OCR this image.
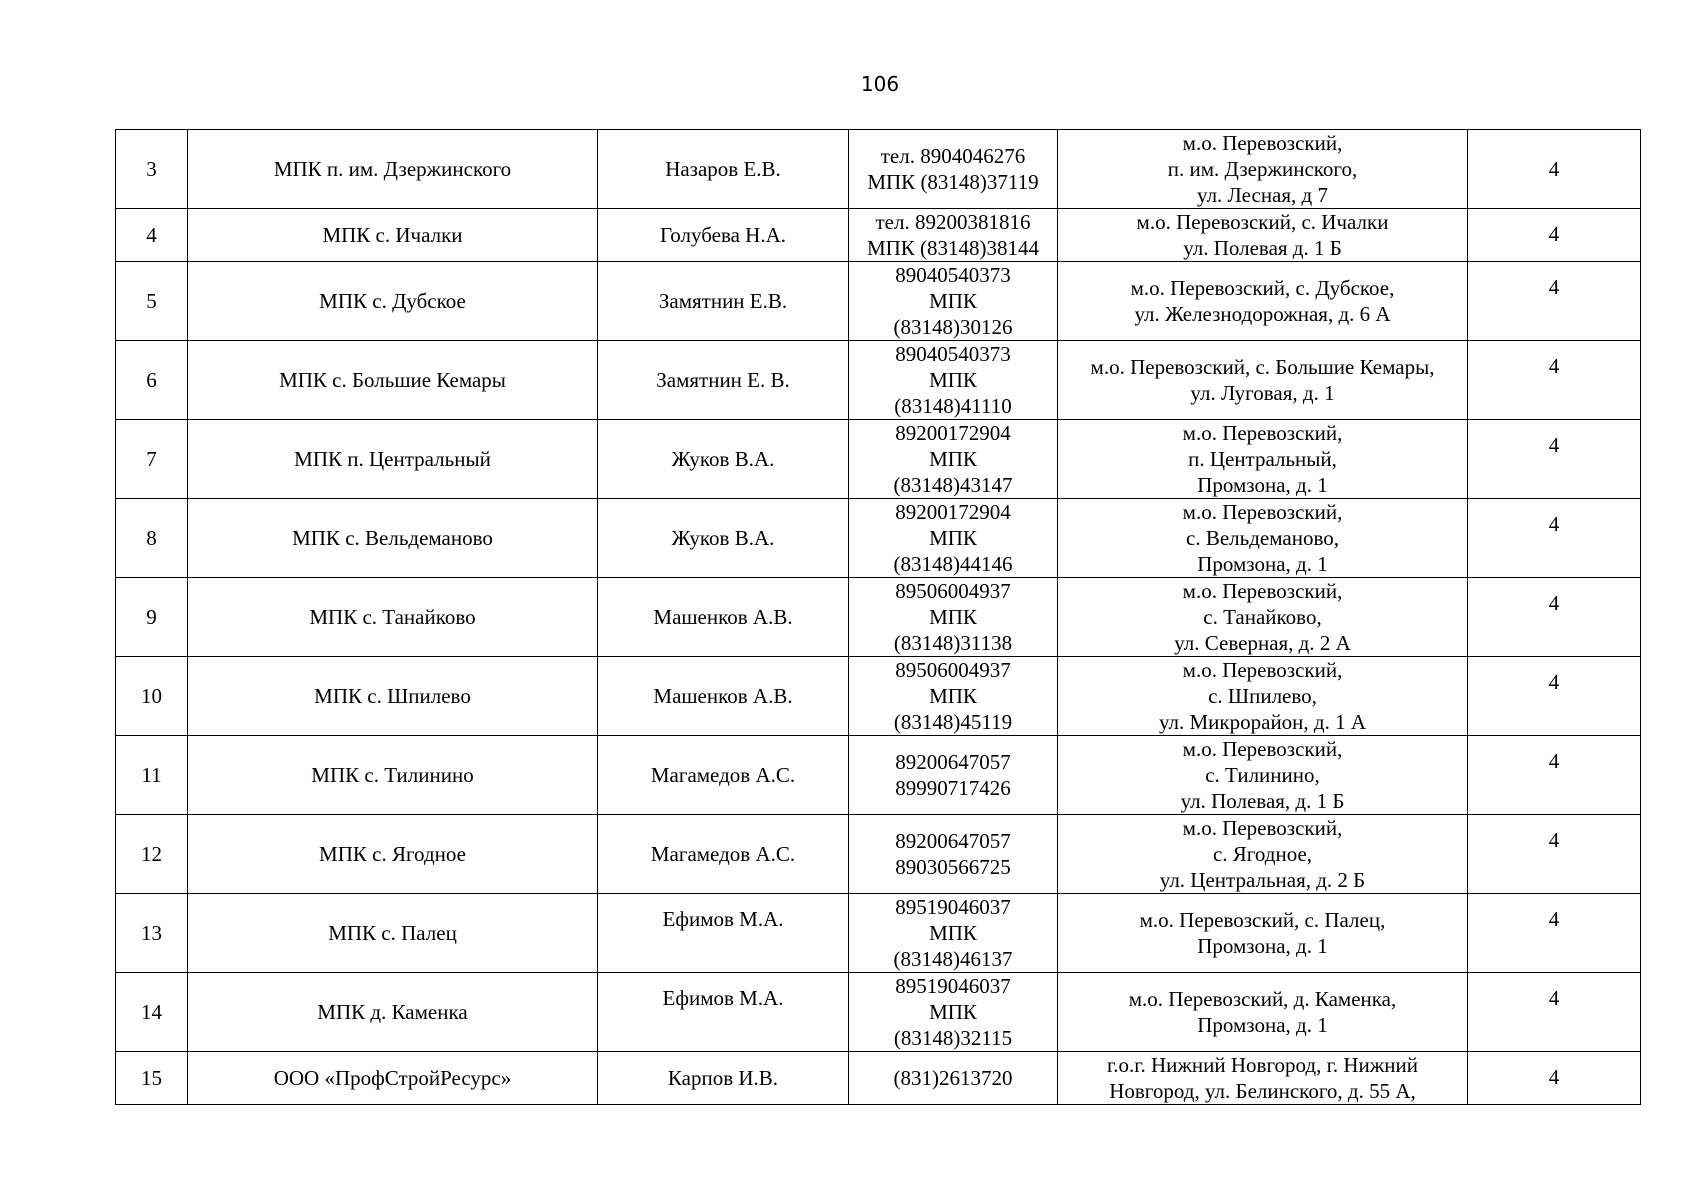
106
3	МПК п. им. Дзержинского	Назаров Е.В.	тел. 8904046276
МПК (83148)37119	м.о. Перевозский,
п. им. Дзержинского,
ул. Лесная, д 7	4
4	МПК с. Ичалки	Голубева Н.А.	тел. 89200381816
МПК (83148)38144	м.о. Перевозский, с. Ичалки
ул. Полевая д. 1 Б	4
5	МПК с. Дубское	Замятнин Е.В.	89040540373
МПК
(83148)30126	м.о. Перевозский, с. Дубское,
ул. Железнодорожная, д. 6 А	4
6	МПК с. Большие Кемары	Замятнин Е. В.	89040540373
МПК
(83148)41110	м.о. Перевозский, с. Большие Кемары,
ул. Луговая, д. 1	4
7	МПК п. Центральный	Жуков В.А.	89200172904
МПК
(83148)43147	м.о. Перевозский,
п. Центральный,
Промзона, д. 1	4
8	МПК с. Вельдеманово	Жуков В.А.	89200172904
МПК
(83148)44146	м.о. Перевозский,
с. Вельдеманово,
Промзона, д. 1	4
9	МПК с. Танайково	Машенков А.В.	89506004937
МПК
(83148)31138	м.о. Перевозский,
с. Танайково,
ул. Северная, д. 2 А	4
10	МПК с. Шпилево	Машенков А.В.	89506004937
МПК
(83148)45119	м.о. Перевозский,
с. Шпилево,
ул. Микрорайон, д. 1 А	4
11	МПК с. Тилинино	Магамедов А.С.	89200647057
89990717426	м.о. Перевозский,
с. Тилинино,
ул. Полевая, д. 1 Б	4
12	МПК с. Ягодное	Магамедов А.С.	89200647057
89030566725	м.о. Перевозский,
с. Ягодное,
ул. Центральная, д. 2 Б	4
13	МПК с. Палец	Ефимов М.А.	89519046037
МПК
(83148)46137	м.о. Перевозский, с. Палец,
Промзона, д. 1	4
14	МПК д. Каменка	Ефимов М.А.	89519046037
МПК
(83148)32115	м.о. Перевозский, д. Каменка,
Промзона, д. 1	4
15	ООО «ПрофСтройРесурс»	Карпов И.В.	(831)2613720	г.о.г. Нижний Новгород, г. Нижний
Новгород, ул. Белинского, д. 55 А,	4
